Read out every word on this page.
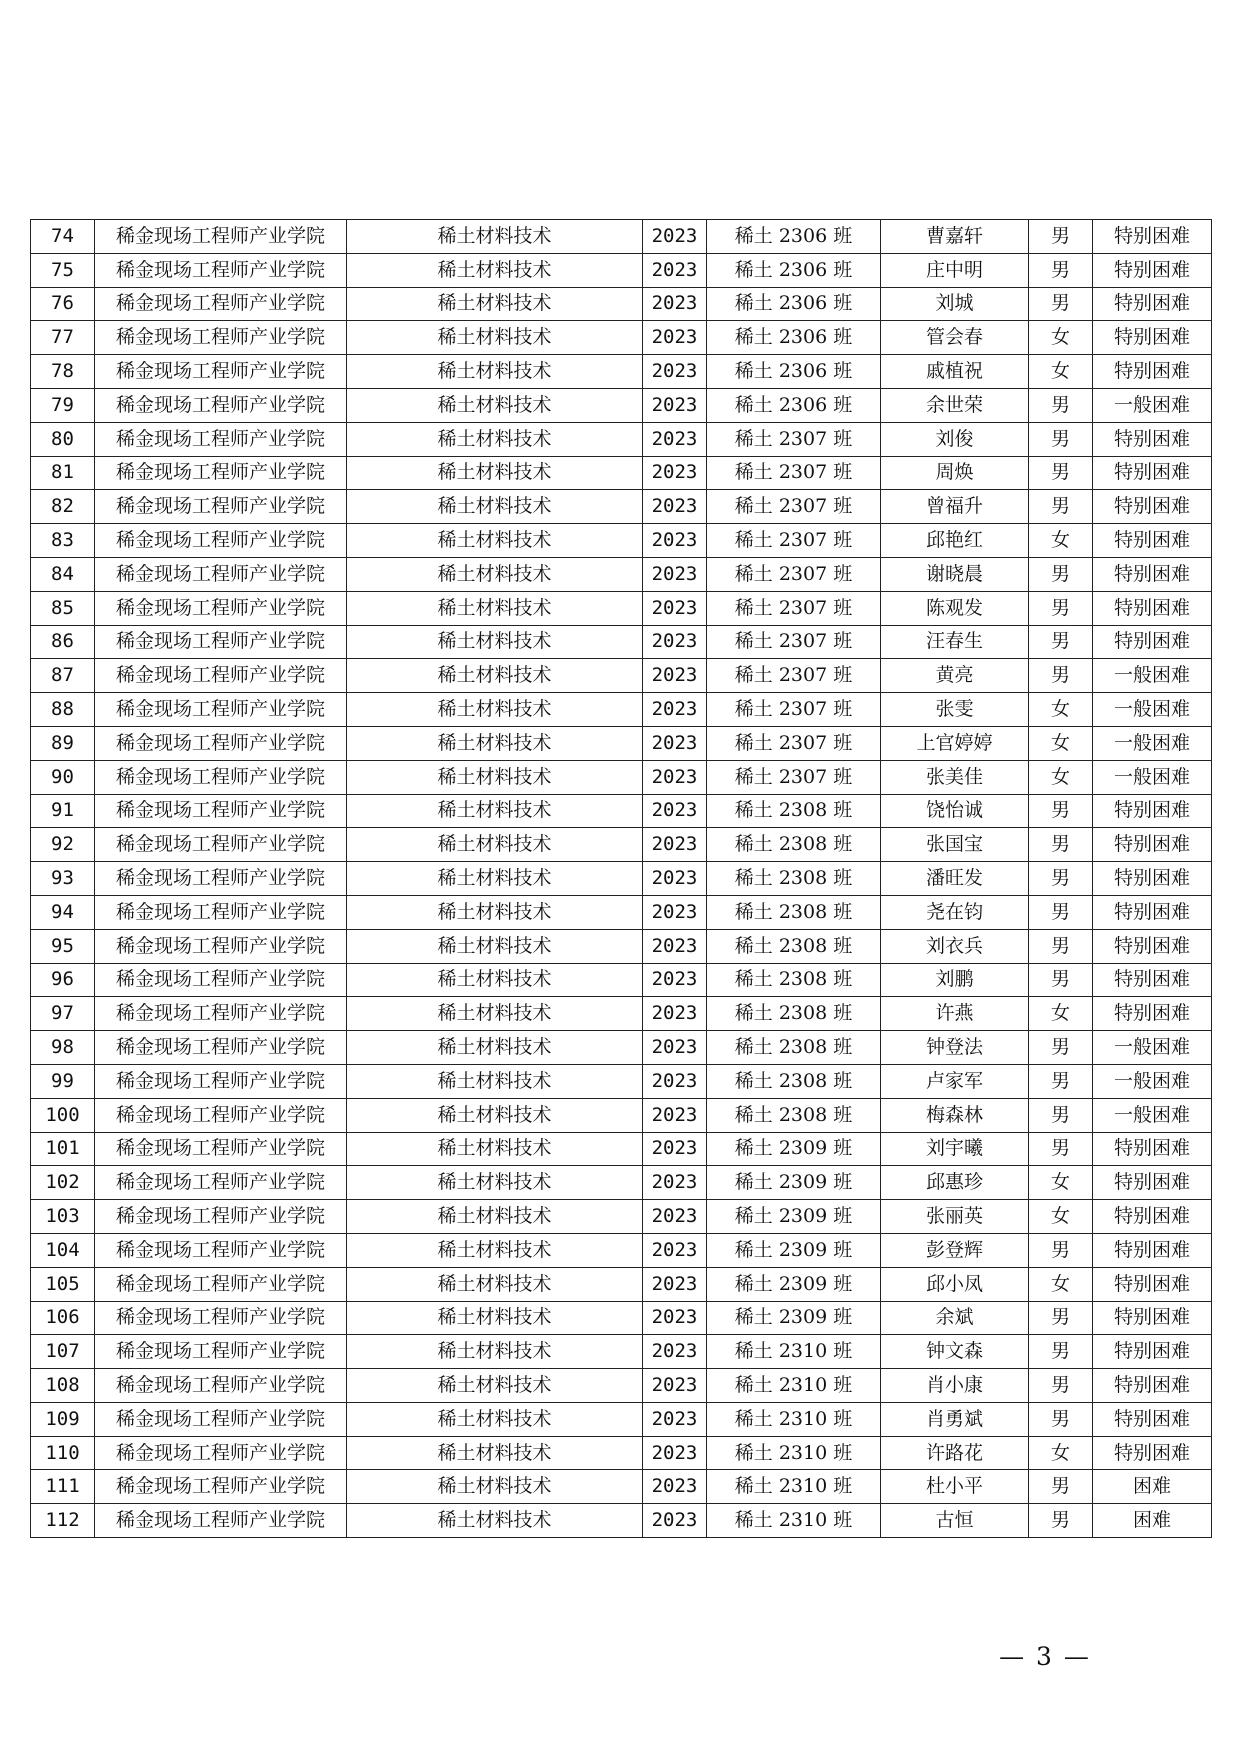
74	稀金现场工程师产业学院	稀土材料技术	2023	稀土 2306 班	曹嘉轩	男	特别困难
75	稀金现场工程师产业学院	稀土材料技术	2023	稀土 2306 班	庄中明	男	特别困难
76	稀金现场工程师产业学院	稀土材料技术	2023	稀土 2306 班	刘城	男	特别困难
77	稀金现场工程师产业学院	稀土材料技术	2023	稀土 2306 班	管会春	女	特别困难
78	稀金现场工程师产业学院	稀土材料技术	2023	稀土 2306 班	戚植祝	女	特别困难
79	稀金现场工程师产业学院	稀土材料技术	2023	稀土 2306 班	余世荣	男	一般困难
80	稀金现场工程师产业学院	稀土材料技术	2023	稀土 2307 班	刘俊	男	特别困难
81	稀金现场工程师产业学院	稀土材料技术	2023	稀土 2307 班	周焕	男	特别困难
82	稀金现场工程师产业学院	稀土材料技术	2023	稀土 2307 班	曾福升	男	特别困难
83	稀金现场工程师产业学院	稀土材料技术	2023	稀土 2307 班	邱艳红	女	特别困难
84	稀金现场工程师产业学院	稀土材料技术	2023	稀土 2307 班	谢晓晨	男	特别困难
85	稀金现场工程师产业学院	稀土材料技术	2023	稀土 2307 班	陈观发	男	特别困难
86	稀金现场工程师产业学院	稀土材料技术	2023	稀土 2307 班	汪春生	男	特别困难
87	稀金现场工程师产业学院	稀土材料技术	2023	稀土 2307 班	黄亮	男	一般困难
88	稀金现场工程师产业学院	稀土材料技术	2023	稀土 2307 班	张雯	女	一般困难
89	稀金现场工程师产业学院	稀土材料技术	2023	稀土 2307 班	上官婷婷	女	一般困难
90	稀金现场工程师产业学院	稀土材料技术	2023	稀土 2307 班	张美佳	女	一般困难
91	稀金现场工程师产业学院	稀土材料技术	2023	稀土 2308 班	饶怡诚	男	特别困难
92	稀金现场工程师产业学院	稀土材料技术	2023	稀土 2308 班	张国宝	男	特别困难
93	稀金现场工程师产业学院	稀土材料技术	2023	稀土 2308 班	潘旺发	男	特别困难
94	稀金现场工程师产业学院	稀土材料技术	2023	稀土 2308 班	尧在钧	男	特别困难
95	稀金现场工程师产业学院	稀土材料技术	2023	稀土 2308 班	刘衣兵	男	特别困难
96	稀金现场工程师产业学院	稀土材料技术	2023	稀土 2308 班	刘鹏	男	特别困难
97	稀金现场工程师产业学院	稀土材料技术	2023	稀土 2308 班	许燕	女	特别困难
98	稀金现场工程师产业学院	稀土材料技术	2023	稀土 2308 班	钟登法	男	一般困难
99	稀金现场工程师产业学院	稀土材料技术	2023	稀土 2308 班	卢家军	男	一般困难
100	稀金现场工程师产业学院	稀土材料技术	2023	稀土 2308 班	梅森林	男	一般困难
101	稀金现场工程师产业学院	稀土材料技术	2023	稀土 2309 班	刘宇曦	男	特别困难
102	稀金现场工程师产业学院	稀土材料技术	2023	稀土 2309 班	邱惠珍	女	特别困难
103	稀金现场工程师产业学院	稀土材料技术	2023	稀土 2309 班	张丽英	女	特别困难
104	稀金现场工程师产业学院	稀土材料技术	2023	稀土 2309 班	彭登辉	男	特别困难
105	稀金现场工程师产业学院	稀土材料技术	2023	稀土 2309 班	邱小凤	女	特别困难
106	稀金现场工程师产业学院	稀土材料技术	2023	稀土 2309 班	余斌	男	特别困难
107	稀金现场工程师产业学院	稀土材料技术	2023	稀土 2310 班	钟文森	男	特别困难
108	稀金现场工程师产业学院	稀土材料技术	2023	稀土 2310 班	肖小康	男	特别困难
109	稀金现场工程师产业学院	稀土材料技术	2023	稀土 2310 班	肖勇斌	男	特别困难
110	稀金现场工程师产业学院	稀土材料技术	2023	稀土 2310 班	许路花	女	特别困难
111	稀金现场工程师产业学院	稀土材料技术	2023	稀土 2310 班	杜小平	男	困难
112	稀金现场工程师产业学院	稀土材料技术	2023	稀土 2310 班	古恒	男	困难
— 3 —
